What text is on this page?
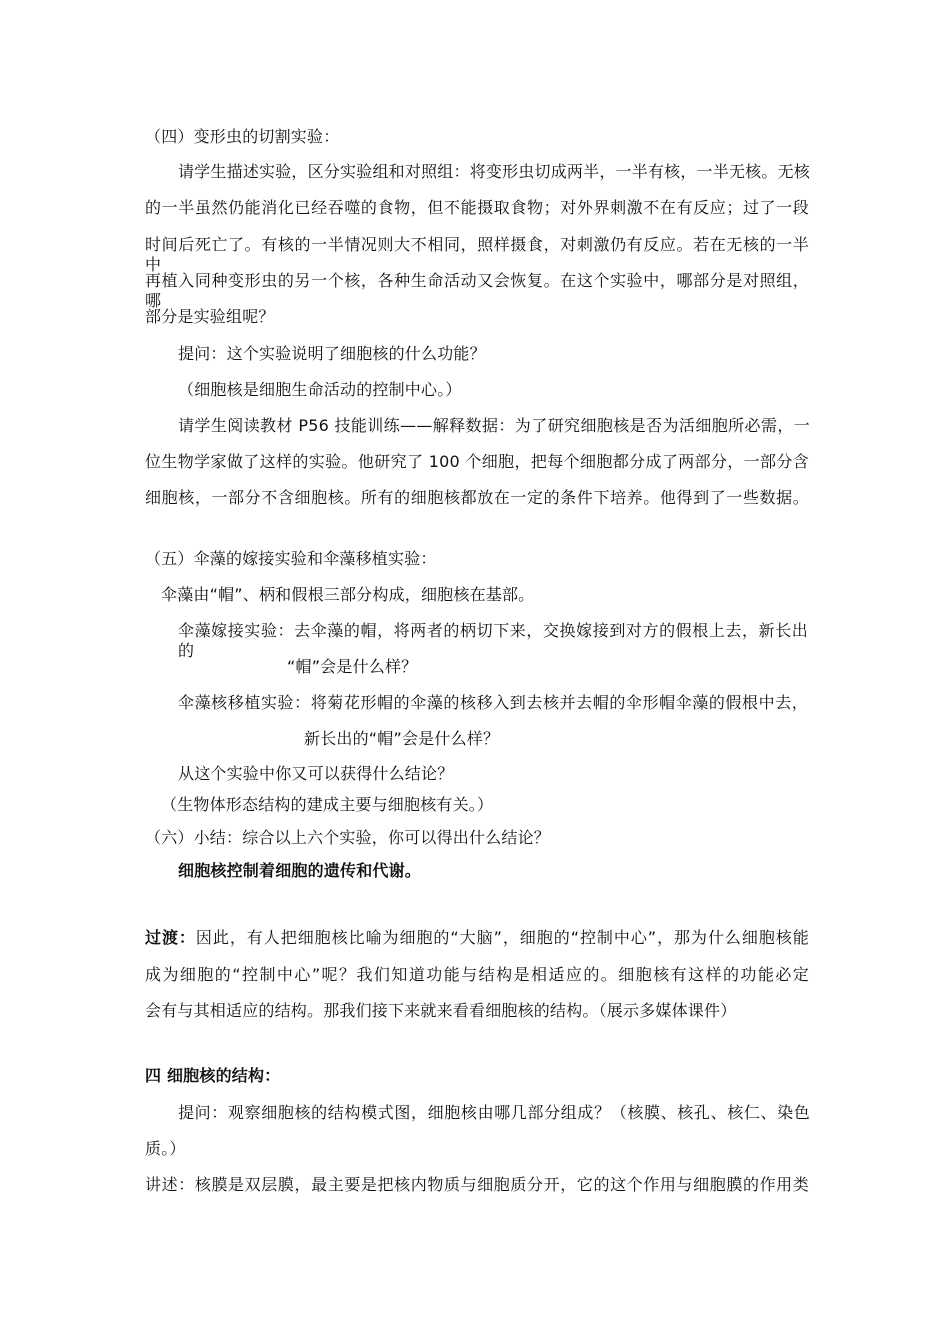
（四）变形虫的切割实验：
请学生描述实验，区分实验组和对照组：将变形虫切成两半，一半有核，一半无核。无核
的一半虽然仍能消化已经吞噬的食物，但不能摄取食物；对外界刺激不在有反应；过了一段
时间后死亡了。有核的一半情况则大不相同，照样摄食，对刺激仍有反应。若在无核的一半中
再植入同种变形虫的另一个核，各种生命活动又会恢复。在这个实验中，哪部分是对照组，哪
部分是实验组呢？
提问：这个实验说明了细胞核的什么功能？
（细胞核是细胞生命活动的控制中心。）
请学生阅读教材 P56 技能训练——解释数据：为了研究细胞核是否为活细胞所必需，一
位生物学家做了这样的实验。他研究了 100 个细胞，把每个细胞都分成了两部分，一部分含
细胞核，一部分不含细胞核。所有的细胞核都放在一定的条件下培养。他得到了一些数据。
（五）伞藻的嫁接实验和伞藻移植实验：
伞藻由“帽”、柄和假根三部分构成，细胞核在基部。
伞藻嫁接实验：去伞藻的帽，将两者的柄切下来，交换嫁接到对方的假根上去，新长出的
“帽”会是什么样？
伞藻核移植实验：将菊花形帽的伞藻的核移入到去核并去帽的伞形帽伞藻的假根中去，
新长出的“帽”会是什么样？
从这个实验中你又可以获得什么结论？
（生物体形态结构的建成主要与细胞核有关。）
（六）小结：综合以上六个实验，你可以得出什么结论？
细胞核控制着细胞的遗传和代谢。
过渡：因此，有人把细胞核比喻为细胞的“大脑”，细胞的“控制中心”，那为什么细胞核能
成为细胞的“控制中心”呢？我们知道功能与结构是相适应的。细胞核有这样的功能必定
会有与其相适应的结构。那我们接下来就来看看细胞核的结构。（展示多媒体课件）
四 细胞核的结构：
提问：观察细胞核的结构模式图，细胞核由哪几部分组成？（核膜、核孔、核仁、染色
质。）
讲述：核膜是双层膜，最主要是把核内物质与细胞质分开，它的这个作用与细胞膜的作用类
